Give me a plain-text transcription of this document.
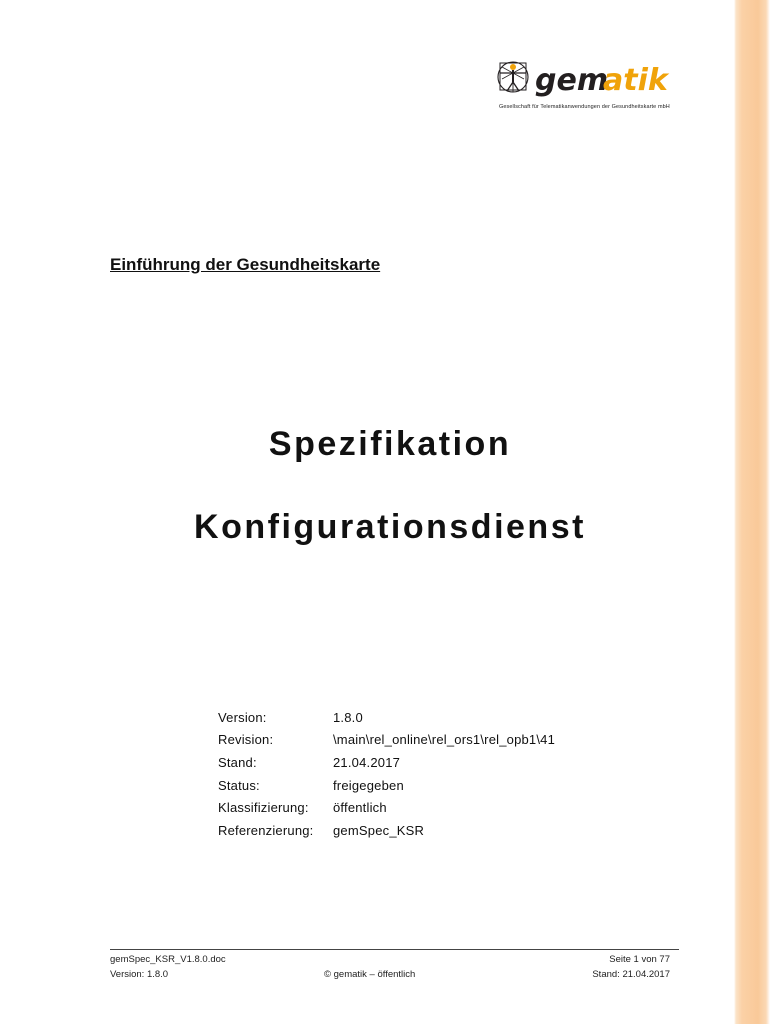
gem
atik
Gesellschaft für Telematikanwendungen der Gesundheitskarte mbH
Einführung der Gesundheitskarte
Spezifikation
Konfigurationsdienst
Version:	1.8.0
Revision:	\main\rel_online\rel_ors1\rel_opb1\41
Stand:	21.04.2017
Status:	freigegeben
Klassifizierung:	öffentlich
Referenzierung:	gemSpec_KSR
gemSpec_KSR_V1.8.0.doc
Version: 1.8.0	© gematik – öffentlich
Seite 1 von 77
Stand: 21.04.2017
